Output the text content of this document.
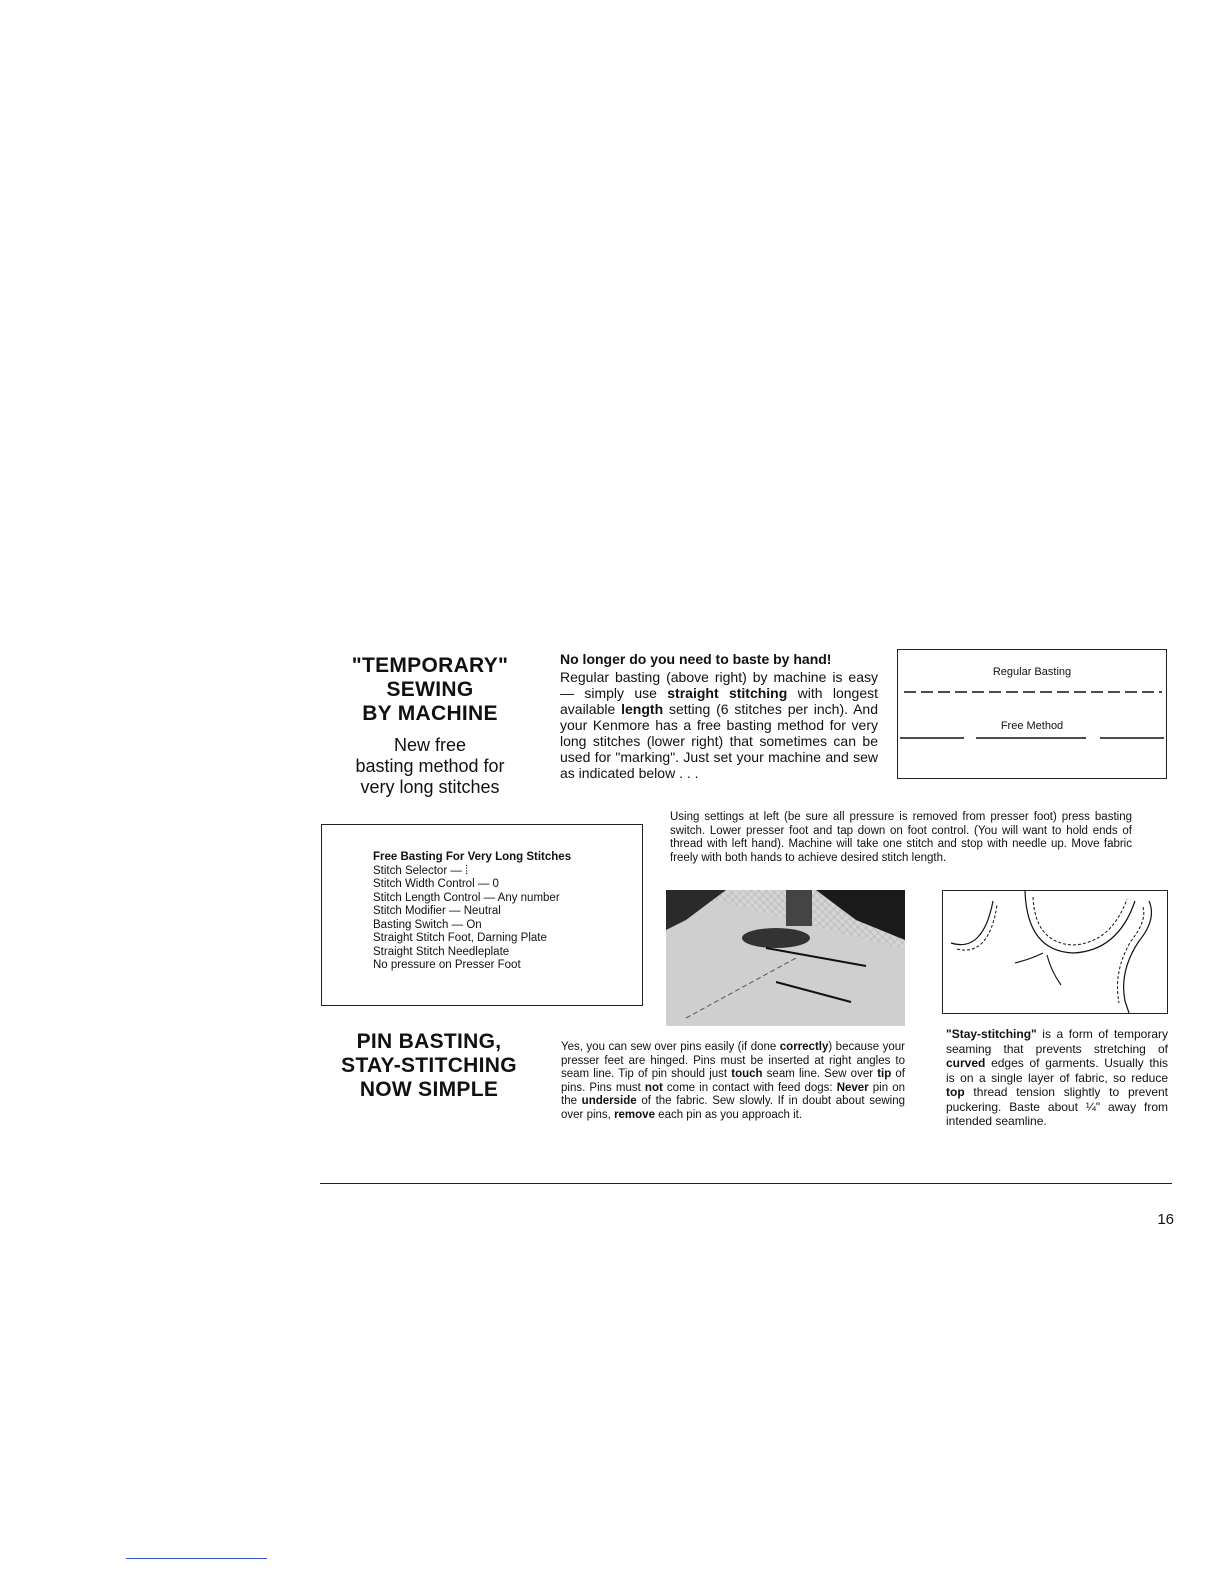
"TEMPORARY"
SEWING
BY MACHINE
New free
basting method for
very long stitches
No longer do you need to baste by hand!
Regular basting (above right) by machine is easy — simply use straight stitching with longest available length setting (6 stitches per inch). And your Kenmore has a free basting method for very long stitches (lower right) that sometimes can be used for "marking". Just set your machine and sew as indicated below . . .
Regular Basting
Free Method
Using settings at left (be sure all pressure is removed from presser foot) press basting switch. Lower presser foot and tap down on foot control. (You will want to hold ends of thread with left hand). Machine will take one stitch and stop with needle up. Move fabric freely with both hands to achieve desired stitch length.
Free Basting For Very Long Stitches
Stitch Selector — ⁞
Stitch Width Control — 0
Stitch Length Control — Any number
Stitch Modifier — Neutral
Basting Switch — On
Straight Stitch Foot, Darning Plate
Straight Stitch Needleplate
No pressure on Presser Foot
PIN BASTING,
STAY-STITCHING
NOW SIMPLE
Yes, you can sew over pins easily (if done correctly) because your presser feet are hinged. Pins must be inserted at right angles to seam line. Tip of pin should just touch seam line. Sew over tip of pins. Pins must not come in contact with feed dogs: Never pin on the underside of the fabric. Sew slowly. If in doubt about sewing over pins, remove each pin as you approach it.
"Stay-stitching" is a form of temporary seaming that prevents stretching of curved edges of garments. Usually this is on a single layer of fabric, so reduce top thread tension slightly to prevent puckering. Baste about ¼" away from intended seamline.
16
